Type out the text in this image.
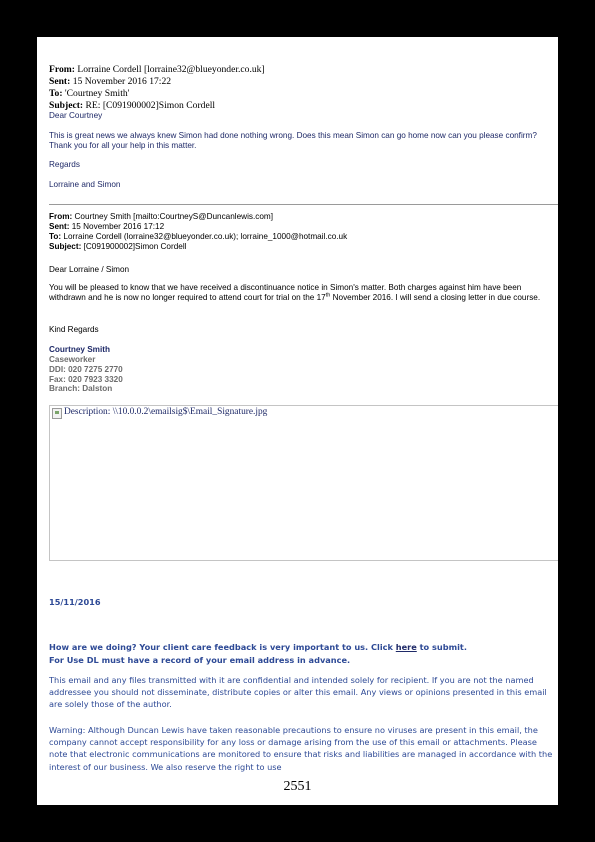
From: Lorraine Cordell [lorraine32@blueyonder.co.uk]
Sent: 15 November 2016 17:22
To: 'Courtney Smith'
Subject: RE: [C091900002]Simon Cordell
Dear Courtney
This is great news we always knew Simon had done nothing wrong. Does this mean Simon can go home now can you please confirm? Thank you for all your help in this matter.
Regards
Lorraine and Simon
From: Courtney Smith [mailto:CourtneyS@Duncanlewis.com]
Sent: 15 November 2016 17:12
To: Lorraine Cordell (lorraine32@blueyonder.co.uk); lorraine_1000@hotmail.co.uk
Subject: [C091900002]Simon Cordell
Dear Lorraine / Simon
You will be pleased to know that we have received a discontinuance notice in Simon's matter. Both charges against him have been withdrawn and he is now no longer required to attend court for trial on the 17th November 2016. I will send a closing letter in due course.
Kind Regards
Courtney Smith
Caseworker
DDI: 020 7275 2770
Fax: 020 7923 3320
Branch: Dalston
Description: \\10.0.0.2\emailsig$\Email_Signature.jpg
15/11/2016
How are we doing? Your client care feedback is very important to us. Click here to submit.
For Use DL must have a record of your email address in advance.
This email and any files transmitted with it are confidential and intended solely for recipient. If you are not the named addressee you should not disseminate, distribute copies or alter this email. Any views or opinions presented in this email are solely those of the author.
Warning: Although Duncan Lewis have taken reasonable precautions to ensure no viruses are present in this email, the company cannot accept responsibility for any loss or damage arising from the use of this email or attachments. Please note that electronic communications are monitored to ensure that risks and liabilities are managed in accordance with the interest of our business. We also reserve the right to use
2551
